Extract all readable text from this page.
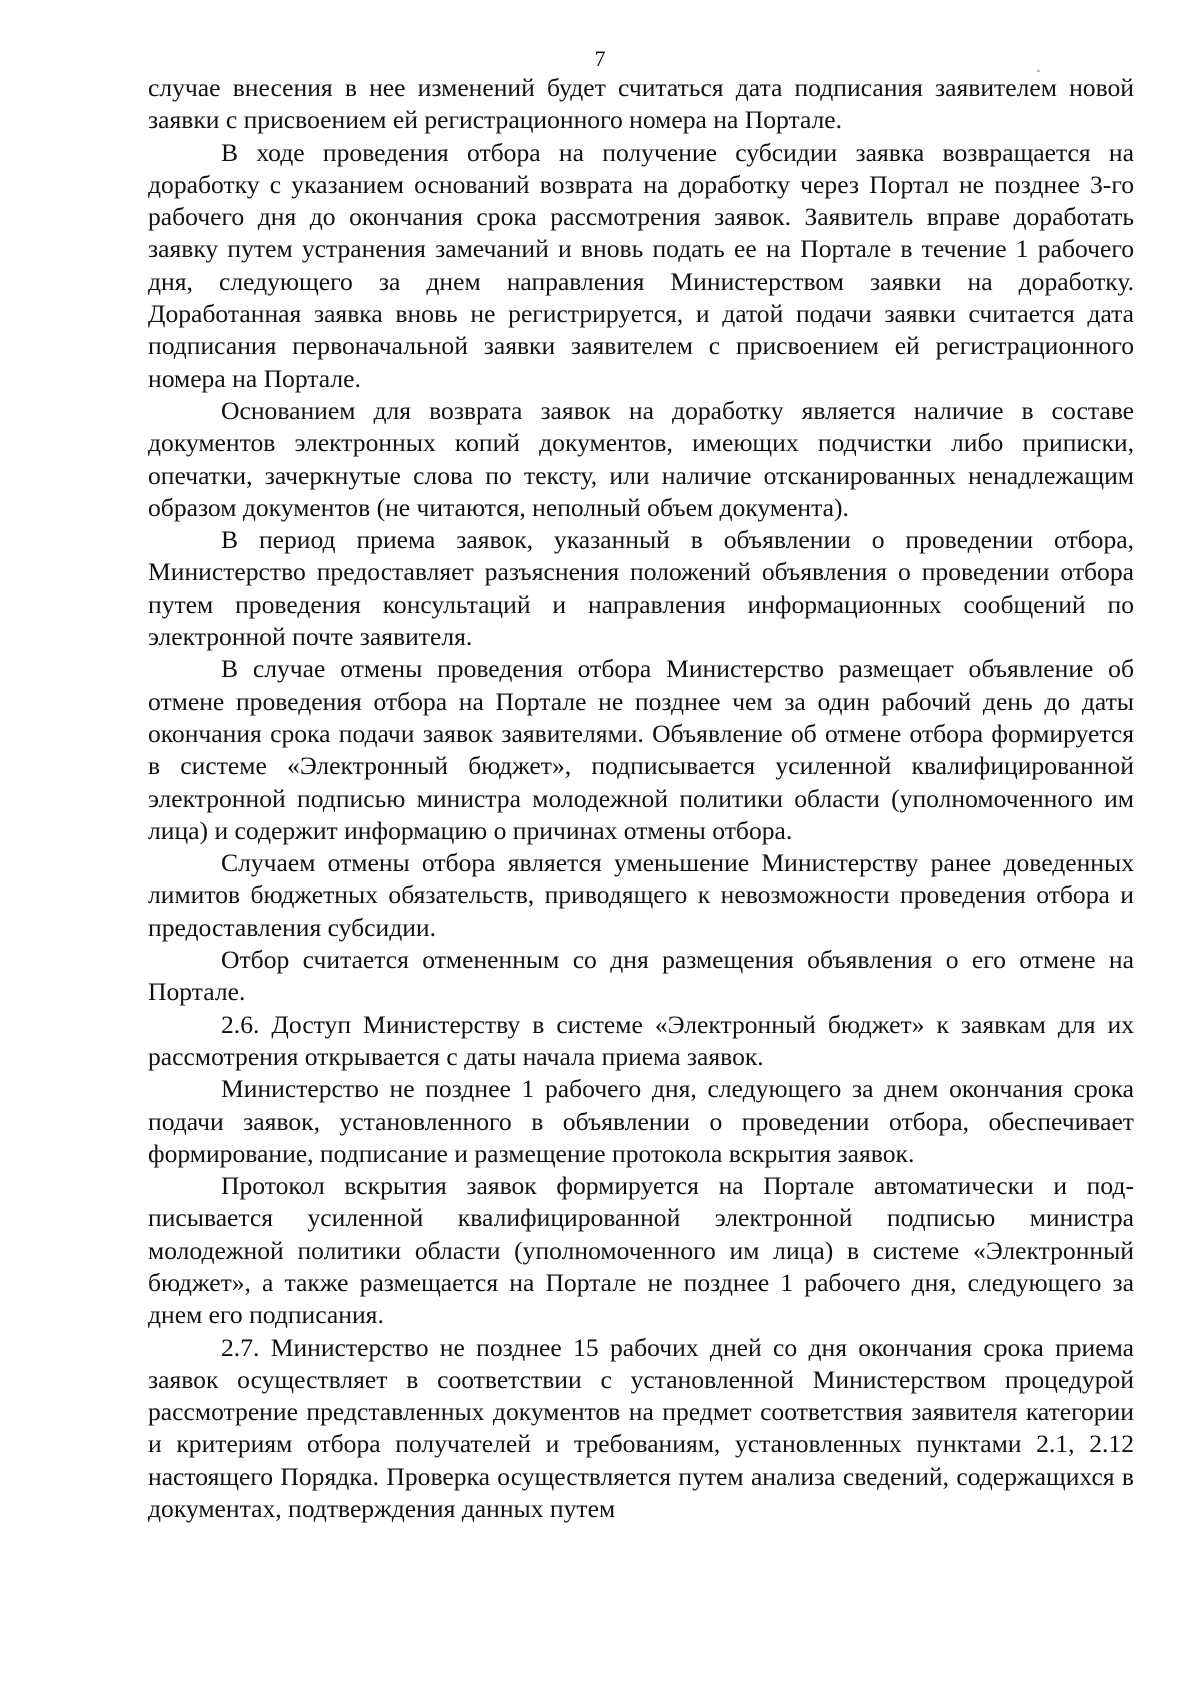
7

случае внесения в нее изменений будет считаться дата подписания заявителем новой заявки с присвоением ей регистрационного номера на Портале.

В ходе проведения отбора на получение субсидии заявка возвращается на доработку с указанием оснований возврата на доработку через Портал не позднее 3-го рабочего дня до окончания срока рассмотрения заявок. Заявитель вправе доработать заявку путем устранения замечаний и вновь подать ее на Портале в течение 1 рабочего дня, следующего за днем направления Министерством заявки на доработку. Доработанная заявка вновь не регистрируется, и датой подачи заявки считается дата подписания первоначальной заявки заявителем с присвоением ей регистрационного номера на Портале.

Основанием для возврата заявок на доработку является наличие в составе документов электронных копий документов, имеющих подчистки либо приписки, опечатки, зачеркнутые слова по тексту, или наличие отсканированных ненадлежащим образом документов (не читаются, неполный объем документа).

В период приема заявок, указанный в объявлении о проведении отбора, Министерство предоставляет разъяснения положений объявления о проведении отбора путем проведения консультаций и направления информационных сообщений по электронной почте заявителя.

В случае отмены проведения отбора Министерство размещает объявление об отмене проведения отбора на Портале не позднее чем за один рабочий день до даты окончания срока подачи заявок заявителями. Объявление об отмене отбора формируется в системе «Электронный бюджет», подписывается усиленной квалифицированной электронной подписью министра молодежной политики области (уполномоченного им лица) и содержит информацию о причинах отмены отбора.

Случаем отмены отбора является уменьшение Министерству ранее доведенных лимитов бюджетных обязательств, приводящего к невозможности проведения отбора и предоставления субсидии.

Отбор считается отмененным со дня размещения объявления о его отмене на Портале.

2.6. Доступ Министерству в системе «Электронный бюджет» к заявкам для их рассмотрения открывается с даты начала приема заявок.

Министерство не позднее 1 рабочего дня, следующего за днем окончания срока подачи заявок, установленного в объявлении о проведении отбора, обеспечивает формирование, подписание и размещение протокола вскрытия заявок.

Протокол вскрытия заявок формируется на Портале автоматически и подписывается усиленной квалифицированной электронной подписью министра молодежной политики области (уполномоченного им лица) в системе «Электронный бюджет», а также размещается на Портале не позднее 1 рабочего дня, следующего за днем его подписания.

2.7. Министерство не позднее 15 рабочих дней со дня окончания срока приема заявок осуществляет в соответствии с установленной Министерством процедурой рассмотрение представленных документов на предмет соответствия заявителя категории и критериям отбора получателей и требованиям, установленных пунктами 2.1, 2.12 настоящего Порядка. Проверка осуществляется путем анализа сведений, содержащихся в документах, подтверждения данных путем
